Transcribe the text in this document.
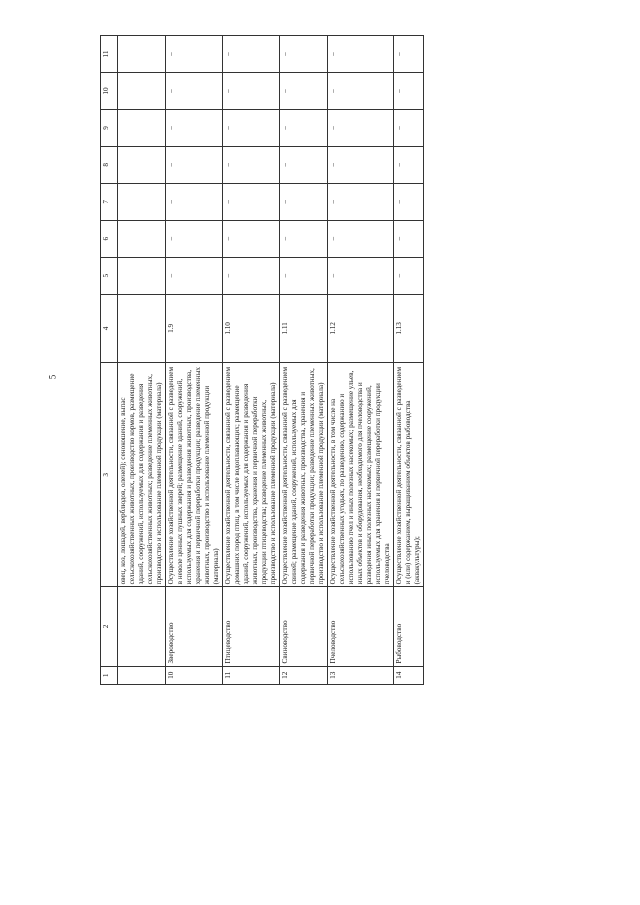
5
1	2	3	4	5	6	7	8	9	10	11
		овец, коз, лошадей, верблюдов, оленей); сенокошение, выпас сельскохозяйственных животных, производство кормов, размещение зданий, сооружений, используемых для содержания и разведения сельскохозяйственных животных; разведение племенных животных, производство и использование племенной продукции (материала)								
10	Звероводство	Осуществление хозяйственной деятельности, связанной с разведением в неволе ценных пушных зверей; размещение зданий, сооружений, используемых для содержания и разведения животных, производства, хранения и первичной переработки продукции; разведение племенных животных, производство и использование племенной продукции (материала)	1.9	–	–	–	–	–	–	–
11	Птицеводство	Осуществление хозяйственной деятельности, связанной с разведением домашних пород птиц, в том числе водоплавающих; размещение зданий, сооружений, используемых для содержания и разведения животных, производства, хранения и первичной переработки продукции птицеводства; разведение племенных животных, производство и использование племенной продукции (материала)	1.10	–	–	–	–	–	–	–
12	Свиноводство	Осуществление хозяйственной деятельности, связанной с разведением свиней; размещение зданий, сооружений, используемых для содержания и разведения животных, производства, хранения и первичной переработки продукции; разведение племенных животных, производство и использование племенной продукции (материала)	1.11	–	–	–	–	–	–	–
13	Пчеловодство	Осуществление хозяйственной деятельности, в том числе на сельскохозяйственных угодьях, по разведению, содержанию и использованию пчел и иных полезных насекомых; размещение ульев, иных объектов и оборудования, необходимого для пчеловодства и разведения иных полезных насекомых; размещение сооружений, используемых для хранения и первичной переработки продукции пчеловодства	1.12	–	–	–	–	–	–	–
14	Рыбоводство	Осуществление хозяйственной деятельности, связанной с разведением и (или) содержанием, выращиванием объектов рыбоводства (аквакультуры);	1.13	–	–	–	–	–	–	–
